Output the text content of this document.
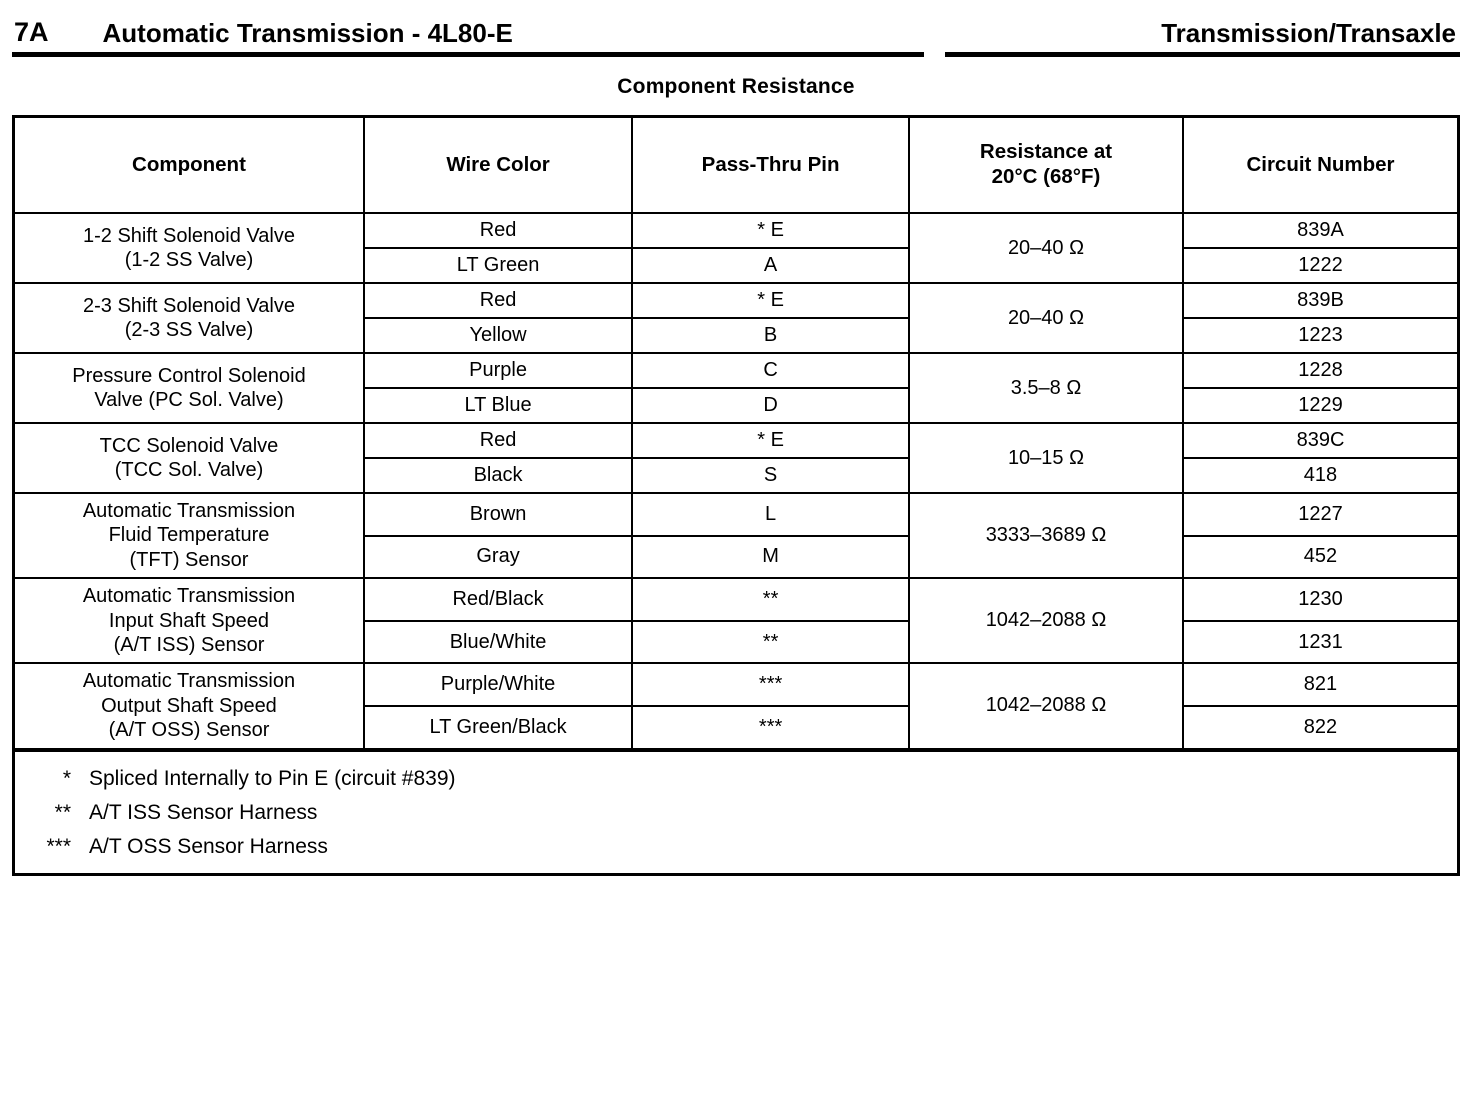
7A	Automatic Transmission - 4L80-E	Transmission/Transaxle
Component Resistance
Component	Wire Color	Pass-Thru Pin	Resistance at
20°C (68°F)	Circuit Number

1-2 Shift Solenoid Valve
(1-2 SS Valve)	Red	* E	20–40 Ω	839A
	LT Green	A		1222

2-3 Shift Solenoid Valve
(2-3 SS Valve)	Red	* E	20–40 Ω	839B
	Yellow	B		1223

Pressure Control Solenoid
Valve (PC Sol. Valve)	Purple	C	3.5–8 Ω	1228
	LT Blue	D		1229

TCC Solenoid Valve
(TCC Sol. Valve)	Red	* E	10–15 Ω	839C
	Black	S		418

Automatic Transmission
Fluid Temperature
(TFT) Sensor	Brown	L	3333–3689 Ω	1227
	Gray	M		452

Automatic Transmission
Input Shaft Speed
(A/T ISS) Sensor	Red/Black	**	1042–2088 Ω	1230
	Blue/White	**		1231

Automatic Transmission
Output Shaft Speed
(A/T OSS) Sensor	Purple/White	***	1042–2088 Ω	821
	LT Green/Black	***		822
* Spliced Internally to Pin E (circuit #839)
** A/T ISS Sensor Harness
*** A/T OSS Sensor Harness
